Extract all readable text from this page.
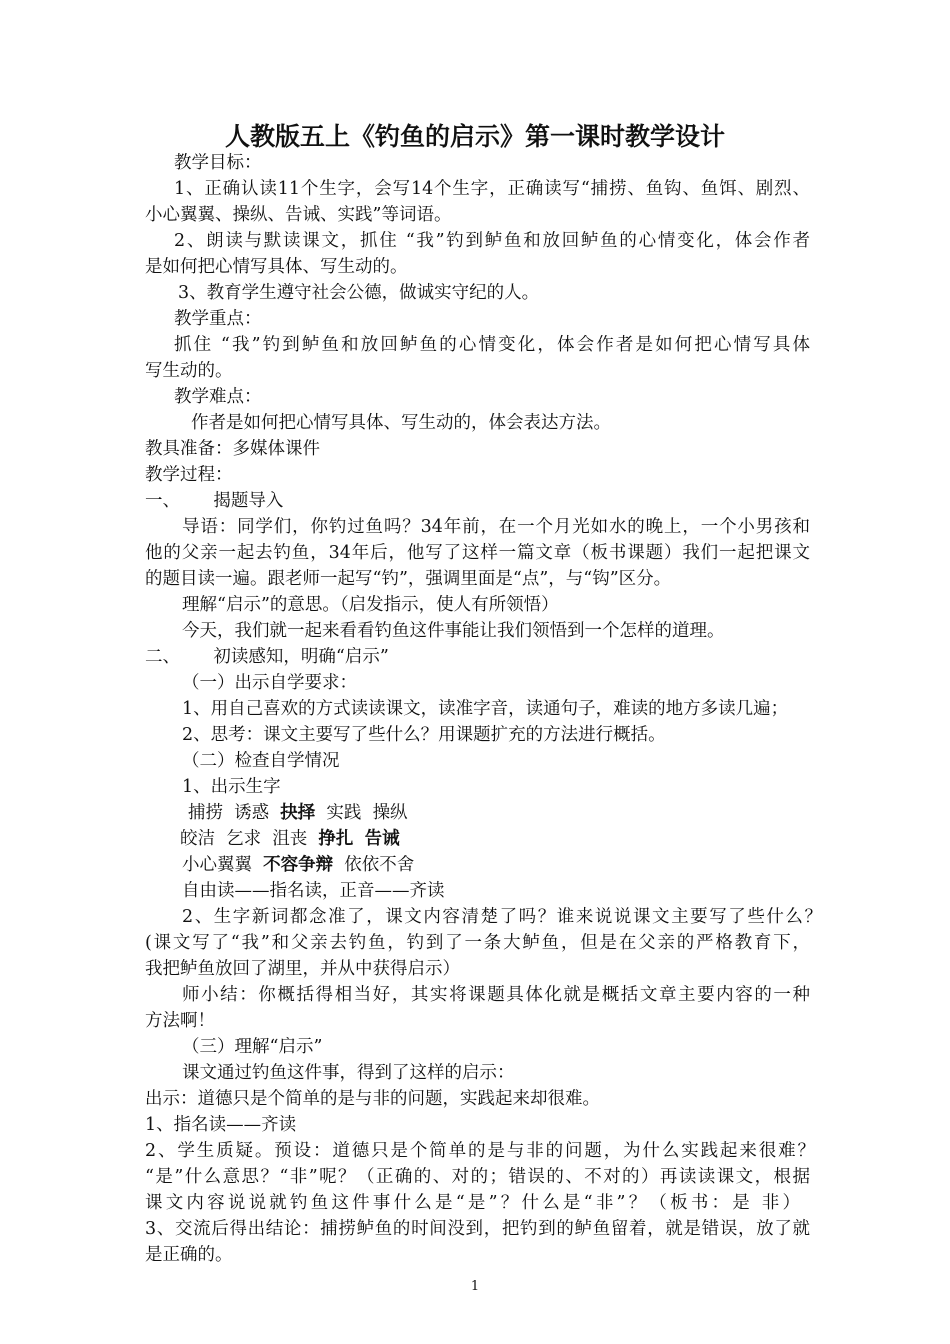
人教版五上《钓鱼的启示》第一课时教学设计
教学目标：
1、正确认读11个生字，会写14个生字，正确读写“捕捞、鱼钩、鱼饵、剧烈、
小心翼翼、操纵、告诫、实践”等词语。
2、朗读与默读课文，抓住 “我”钓到鲈鱼和放回鲈鱼的心情变化，体会作者
是如何把心情写具体、写生动的。
3、教育学生遵守社会公德，做诚实守纪的人。
教学重点：
抓住 “我”钓到鲈鱼和放回鲈鱼的心情变化，体会作者是如何把心情写具体
写生动的。
教学难点：
作者是如何把心情写具体、写生动的，体会表达方法。
教具准备：多媒体课件
教学过程：
一、      揭题导入
导语：同学们，你钓过鱼吗？34年前，在一个月光如水的晚上，一个小男孩和
他的父亲一起去钓鱼，34年后，他写了这样一篇文章（板书课题）我们一起把课文
的题目读一遍。跟老师一起写“钓”，强调里面是“点”，与“钩”区分。
理解“启示”的意思。（启发指示，使人有所领悟）
今天，我们就一起来看看钓鱼这件事能让我们领悟到一个怎样的道理。
二、      初读感知，明确“启示”
（一）出示自学要求：
1、用自己喜欢的方式读读课文，读准字音，读通句子，难读的地方多读几遍；
2、思考：课文主要写了些什么？用课题扩充的方法进行概括。
（二）检查自学情况
1、出示生字
捕捞 诱惑 抉择 实践 操纵
皎洁 乞求 沮丧 挣扎 告诫
小心翼翼 不容争辩 依依不舍
自由读——指名读，正音——齐读
2、生字新词都念准了，课文内容清楚了吗？谁来说说课文主要写了些什么？
(课文写了“我”和父亲去钓鱼，钓到了一条大鲈鱼，但是在父亲的严格教育下，
我把鲈鱼放回了湖里，并从中获得启示）
师小结：你概括得相当好，其实将课题具体化就是概括文章主要内容的一种
方法啊！
（三）理解“启示”
课文通过钓鱼这件事，得到了这样的启示：
出示：道德只是个简单的是与非的问题，实践起来却很难。
1、指名读——齐读
2、学生质疑。预设：道德只是个简单的是与非的问题，为什么实践起来很难？
“是”什么意思？“非”呢？（正确的、对的；错误的、不对的）再读读课文，根据
课文内容说说就钓鱼这件事什么是“是”？什么是“非”？（板书：是 非）
3、交流后得出结论：捕捞鲈鱼的时间没到，把钓到的鲈鱼留着，就是错误，放了就
是正确的。
1
